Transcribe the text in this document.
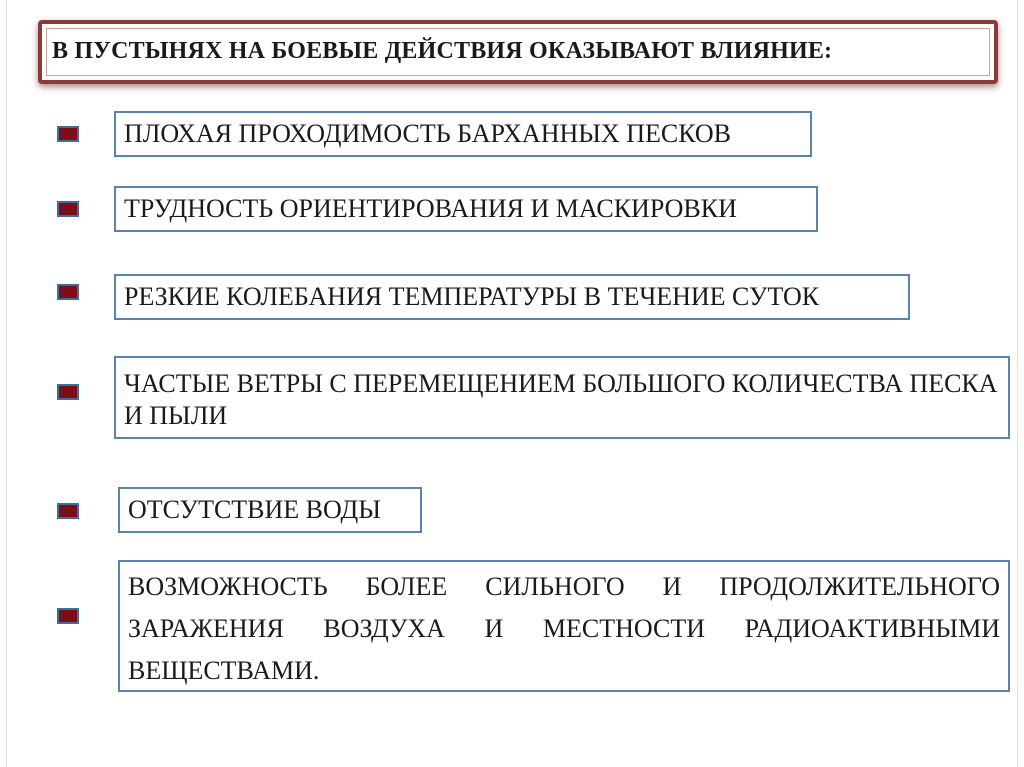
В ПУСТЫНЯХ НА БОЕВЫЕ ДЕЙСТВИЯ ОКАЗЫВАЮТ ВЛИЯНИЕ:
ПЛОХАЯ ПРОХОДИМОСТЬ БАРХАННЫХ ПЕСКОВ
ТРУДНОСТЬ ОРИЕНТИРОВАНИЯ И МАСКИРОВКИ
РЕЗКИЕ КОЛЕБАНИЯ ТЕМПЕРАТУРЫ В ТЕЧЕНИЕ СУТОК
ЧАСТЫЕ ВЕТРЫ С ПЕРЕМЕЩЕНИЕМ БОЛЬШОГО КОЛИЧЕСТВА ПЕСКА И ПЫЛИ
ОТСУТСТВИЕ ВОДЫ
ВОЗМОЖНОСТЬ БОЛЕЕ СИЛЬНОГО И ПРОДОЛЖИТЕЛЬНОГО ЗАРАЖЕНИЯ ВОЗДУХА И МЕСТНОСТИ РАДИОАКТИВНЫМИ ВЕЩЕСТВАМИ.
